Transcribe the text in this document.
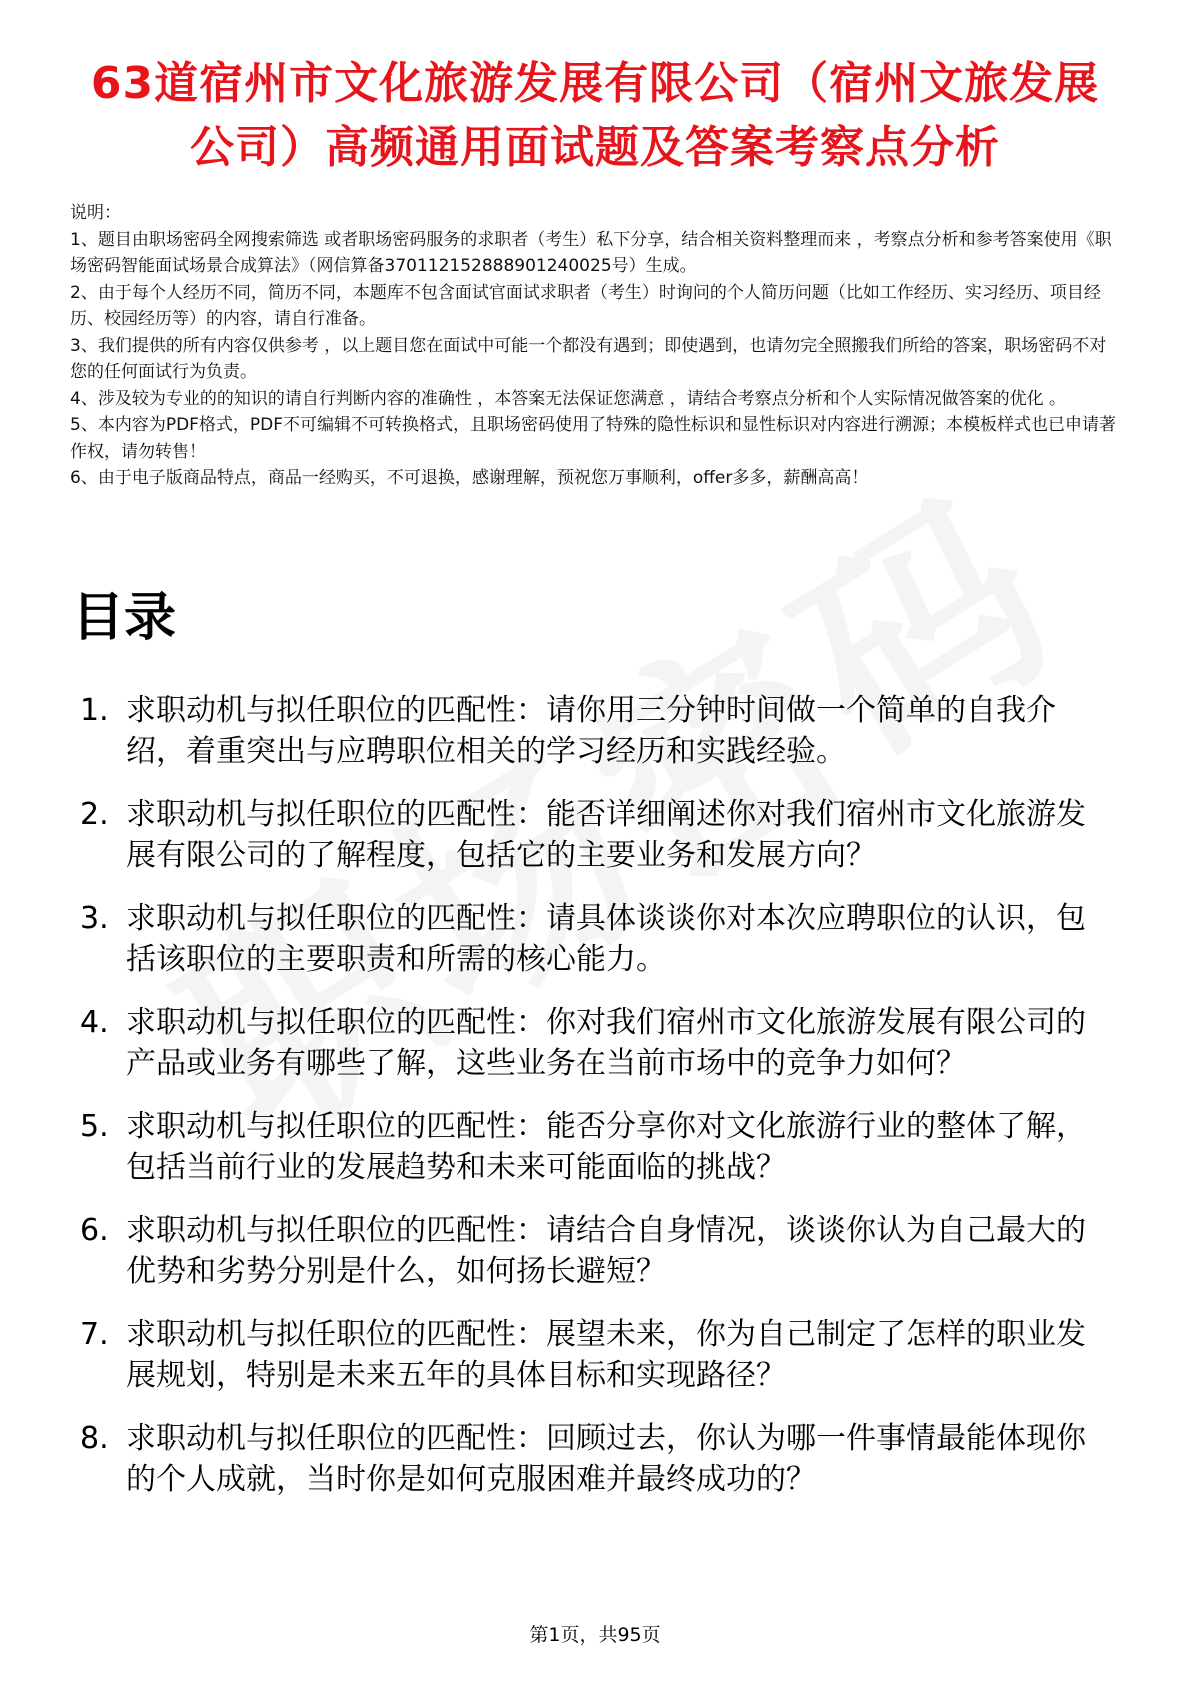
63道宿州市文化旅游发展有限公司（宿州文旅发展公司）高频通用面试题及答案考察点分析
说明：
1、题目由职场密码全网搜索筛选 或者职场密码服务的求职者（考生）私下分享，结合相关资料整理而来 ，考察点分析和参考答案使用《职场密码智能面试场景合成算法》（网信算备370112152888901240025号）生成。
2、由于每个人经历不同，简历不同，本题库不包含面试官面试求职者（考生）时询问的个人简历问题（比如工作经历、实习经历、项目经历、校园经历等）的内容，请自行准备。
3、我们提供的所有内容仅供参考 ，以上题目您在面试中可能一个都没有遇到；即使遇到，也请勿完全照搬我们所给的答案，职场密码不对您的任何面试行为负责。
4、涉及较为专业的的知识的请自行判断内容的准确性 ，本答案无法保证您满意 ，请结合考察点分析和个人实际情况做答案的优化 。
5、本内容为PDF格式，PDF不可编辑不可转换格式，且职场密码使用了特殊的隐性标识和显性标识对内容进行溯源；本模板样式也已申请著作权，请勿转售！
6、由于电子版商品特点，商品一经购买，不可退换，感谢理解，预祝您万事顺利，offer多多，薪酬高高！
目录
1. 求职动机与拟任职位的匹配性：请你用三分钟时间做一个简单的自我介绍，着重突出与应聘职位相关的学习经历和实践经验。
2. 求职动机与拟任职位的匹配性：能否详细阐述你对我们宿州市文化旅游发展有限公司的了解程度，包括它的主要业务和发展方向？
3. 求职动机与拟任职位的匹配性：请具体谈谈你对本次应聘职位的认识，包括该职位的主要职责和所需的核心能力。
4. 求职动机与拟任职位的匹配性：你对我们宿州市文化旅游发展有限公司的产品或业务有哪些了解，这些业务在当前市场中的竞争力如何？
5. 求职动机与拟任职位的匹配性：能否分享你对文化旅游行业的整体了解，包括当前行业的发展趋势和未来可能面临的挑战？
6. 求职动机与拟任职位的匹配性：请结合自身情况，谈谈你认为自己最大的优势和劣势分别是什么，如何扬长避短？
7. 求职动机与拟任职位的匹配性：展望未来，你为自己制定了怎样的职业发展规划，特别是未来五年的具体目标和实现路径？
8. 求职动机与拟任职位的匹配性：回顾过去，你认为哪一件事情最能体现你的个人成就，当时你是如何克服困难并最终成功的？
第1页，共95页
